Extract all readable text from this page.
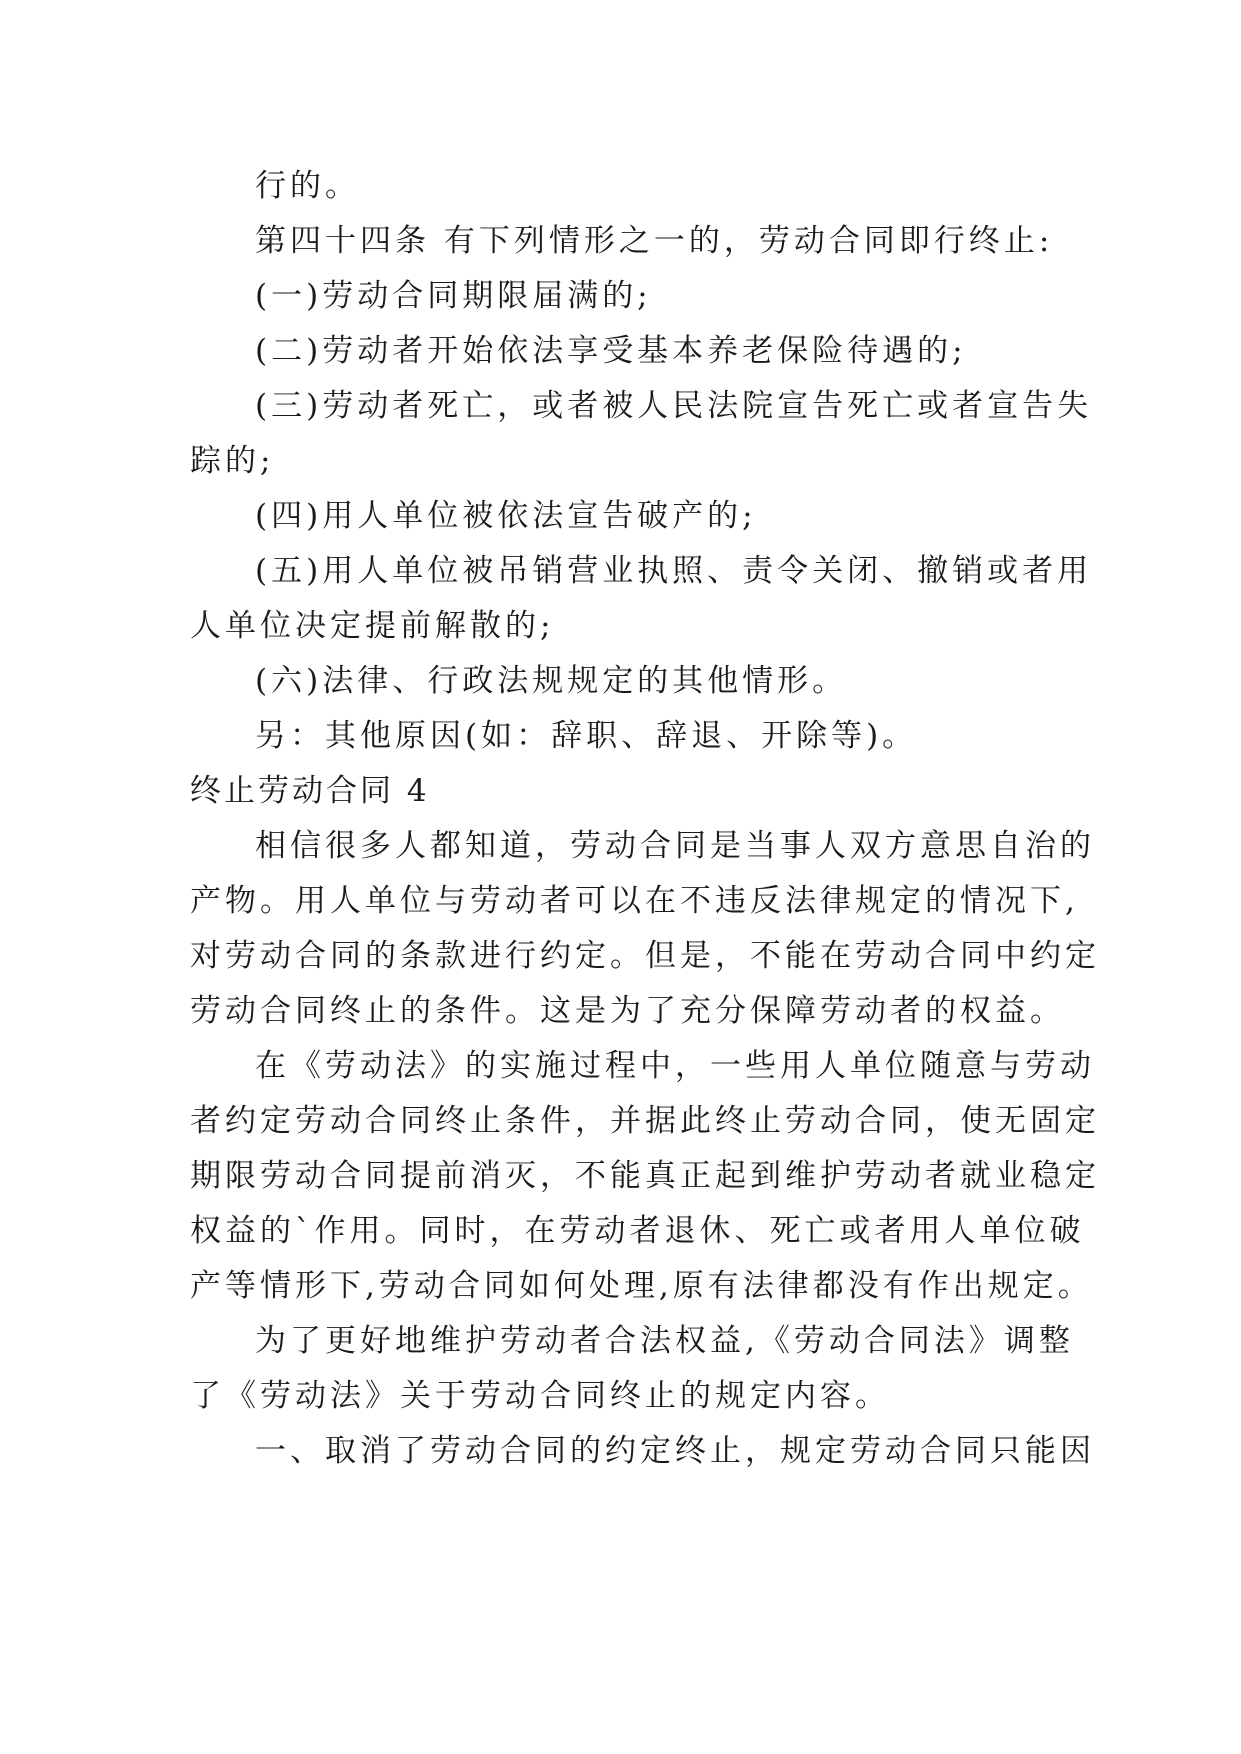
行的。
第四十四条 有下列情形之一的，劳动合同即行终止:
(一)劳动合同期限届满的;
(二)劳动者开始依法享受基本养老保险待遇的;
(三)劳动者死亡，或者被人民法院宣告死亡或者宣告失
踪的;
(四)用人单位被依法宣告破产的;
(五)用人单位被吊销营业执照、责令关闭、撤销或者用
人单位决定提前解散的;
(六)法律、行政法规规定的其他情形。
另：其他原因(如：辞职、辞退、开除等)。
终止劳动合同 4
相信很多人都知道，劳动合同是当事人双方意思自治的
产物。用人单位与劳动者可以在不违反法律规定的情况下,
对劳动合同的条款进行约定。但是，不能在劳动合同中约定
劳动合同终止的条件。这是为了充分保障劳动者的权益。
在《劳动法》的实施过程中，一些用人单位随意与劳动
者约定劳动合同终止条件，并据此终止劳动合同，使无固定
期限劳动合同提前消灭，不能真正起到维护劳动者就业稳定
权益的`作用。同时，在劳动者退休、死亡或者用人单位破
产等情形下,劳动合同如何处理,原有法律都没有作出规定。
为了更好地维护劳动者合法权益,《劳动合同法》调整
了《劳动法》关于劳动合同终止的规定内容。
一、取消了劳动合同的约定终止，规定劳动合同只能因
